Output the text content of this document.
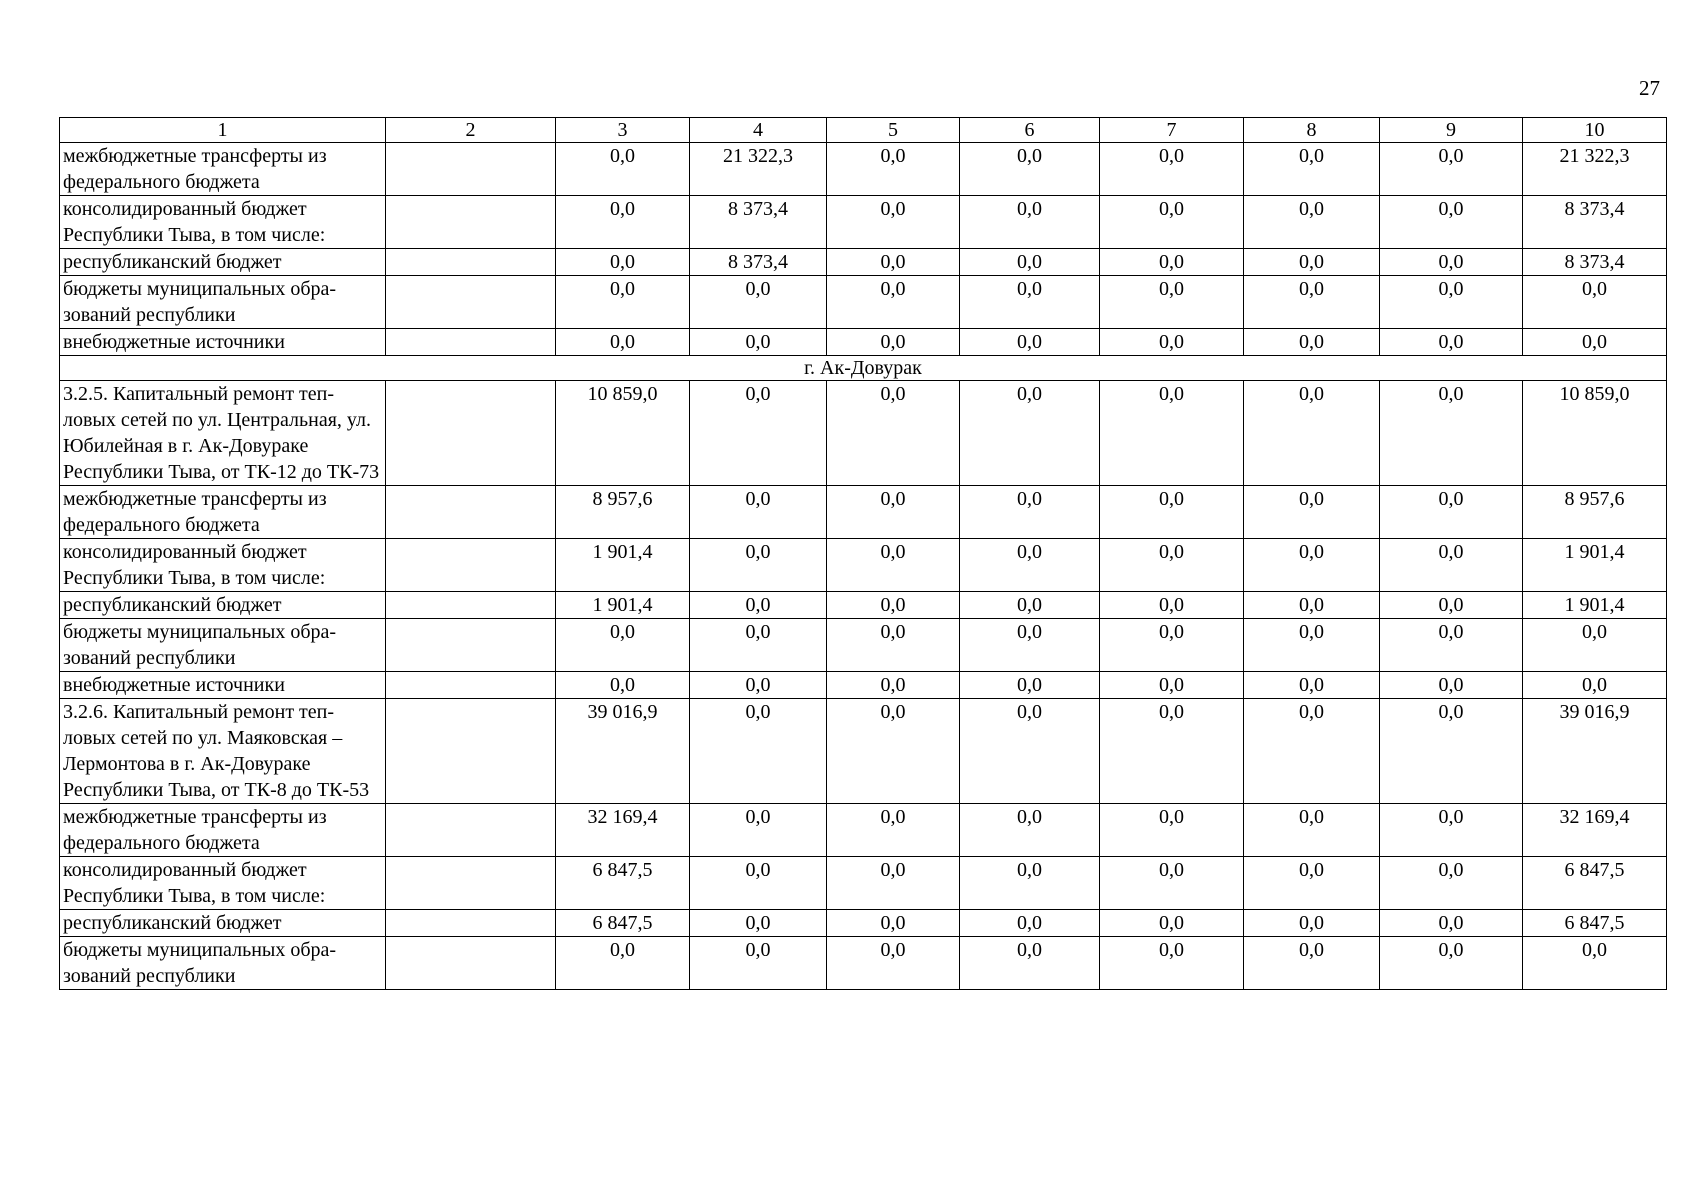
27
1	2	3	4	5	6	7	8	9	10
межбюджетные трансферты из федерального бюджета		0,0	21 322,3	0,0	0,0	0,0	0,0	0,0	21 322,3
консолидированный бюджет Республики Тыва, в том числе:		0,0	8 373,4	0,0	0,0	0,0	0,0	0,0	8 373,4
республиканский бюджет		0,0	8 373,4	0,0	0,0	0,0	0,0	0,0	8 373,4
бюджеты муниципальных обра-зований республики		0,0	0,0	0,0	0,0	0,0	0,0	0,0	0,0
внебюджетные источники		0,0	0,0	0,0	0,0	0,0	0,0	0,0	0,0
г. Ак-Довурак									
3.2.5. Капитальный ремонт теп-ловых сетей по ул. Центральная, ул. Юбилейная в г. Ак-Довураке Республики Тыва, от ТК-12 до ТК-73		10 859,0	0,0	0,0	0,0	0,0	0,0	0,0	10 859,0
межбюджетные трансферты из федерального бюджета		8 957,6	0,0	0,0	0,0	0,0	0,0	0,0	8 957,6
консолидированный бюджет Республики Тыва, в том числе:		1 901,4	0,0	0,0	0,0	0,0	0,0	0,0	1 901,4
республиканский бюджет		1 901,4	0,0	0,0	0,0	0,0	0,0	0,0	1 901,4
бюджеты муниципальных обра-зований республики		0,0	0,0	0,0	0,0	0,0	0,0	0,0	0,0
внебюджетные источники		0,0	0,0	0,0	0,0	0,0	0,0	0,0	0,0
3.2.6. Капитальный ремонт теп-ловых сетей по ул. Маяковская – Лермонтова в г. Ак-Довураке Республики Тыва, от ТК-8 до ТК-53		39 016,9	0,0	0,0	0,0	0,0	0,0	0,0	39 016,9
межбюджетные трансферты из федерального бюджета		32 169,4	0,0	0,0	0,0	0,0	0,0	0,0	32 169,4
консолидированный бюджет Республики Тыва, в том числе:		6 847,5	0,0	0,0	0,0	0,0	0,0	0,0	6 847,5
республиканский бюджет		6 847,5	0,0	0,0	0,0	0,0	0,0	0,0	6 847,5
бюджеты муниципальных обра-зований республики		0,0	0,0	0,0	0,0	0,0	0,0	0,0	0,0
